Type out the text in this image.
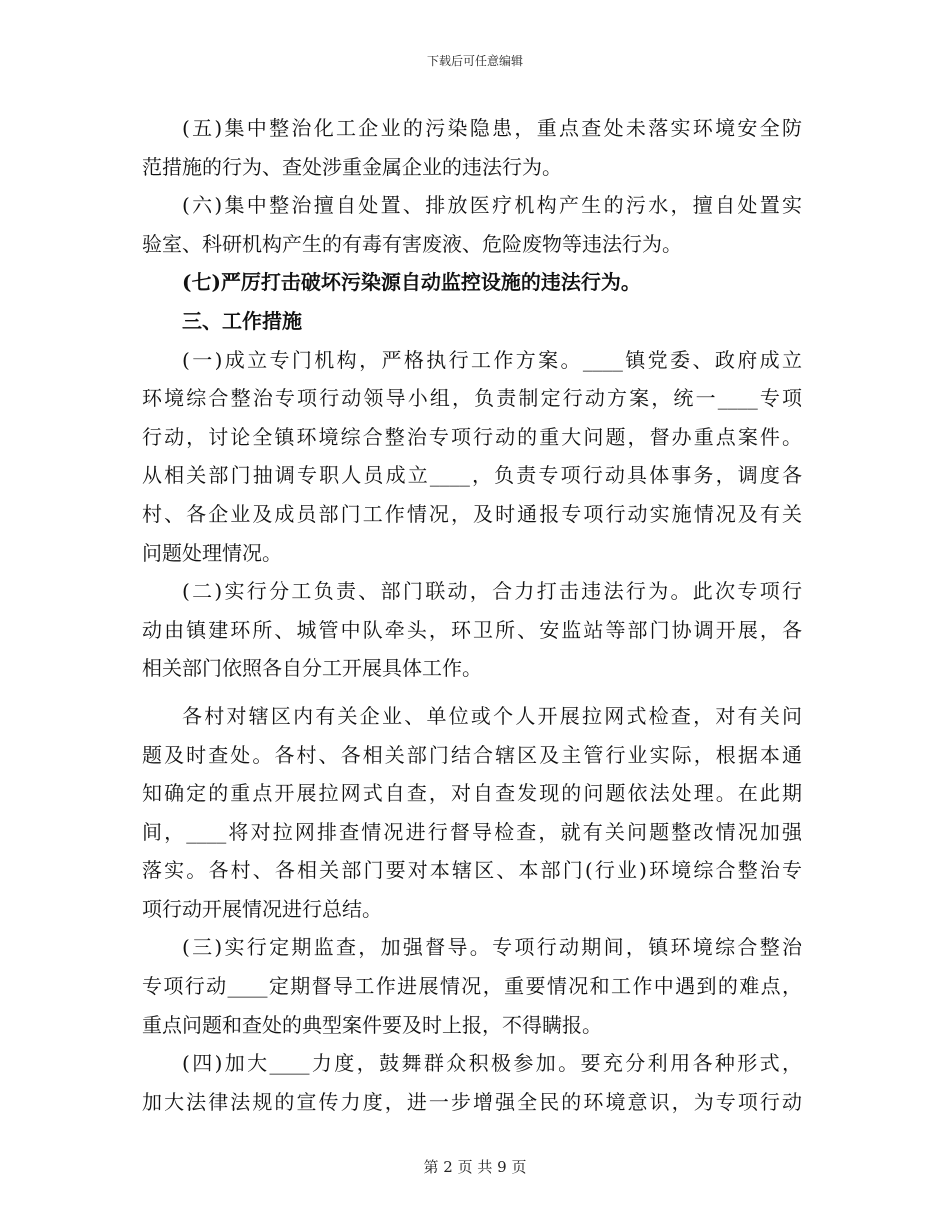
下载后可任意编辑
(五)集中整治化工企业的污染隐患，重点查处未落实环境安全防
范措施的行为、查处涉重金属企业的违法行为。
(六)集中整治擅自处置、排放医疗机构产生的污水，擅自处置实
验室、科研机构产生的有毒有害废液、危险废物等违法行为。
(七)严厉打击破坏污染源自动监控设施的违法行为。
三、工作措施
(一)成立专门机构，严格执行工作方案。____镇党委、政府成立
环境综合整治专项行动领导小组，负责制定行动方案，统一____专项
行动，讨论全镇环境综合整治专项行动的重大问题，督办重点案件。
从相关部门抽调专职人员成立____，负责专项行动具体事务，调度各
村、各企业及成员部门工作情况，及时通报专项行动实施情况及有关
问题处理情况。
(二)实行分工负责、部门联动，合力打击违法行为。此次专项行
动由镇建环所、城管中队牵头，环卫所、安监站等部门协调开展，各
相关部门依照各自分工开展具体工作。
各村对辖区内有关企业、单位或个人开展拉网式检查，对有关问
题及时查处。各村、各相关部门结合辖区及主管行业实际，根据本通
知确定的重点开展拉网式自查，对自查发现的问题依法处理。在此期
间，____将对拉网排查情况进行督导检查，就有关问题整改情况加强
落实。各村、各相关部门要对本辖区、本部门(行业)环境综合整治专
项行动开展情况进行总结。
(三)实行定期监查，加强督导。专项行动期间，镇环境综合整治
专项行动____定期督导工作进展情况，重要情况和工作中遇到的难点，
重点问题和查处的典型案件要及时上报，不得瞒报。
(四)加大____力度，鼓舞群众积极参加。要充分利用各种形式，
加大法律法规的宣传力度，进一步增强全民的环境意识，为专项行动
第 2 页 共 9 页
